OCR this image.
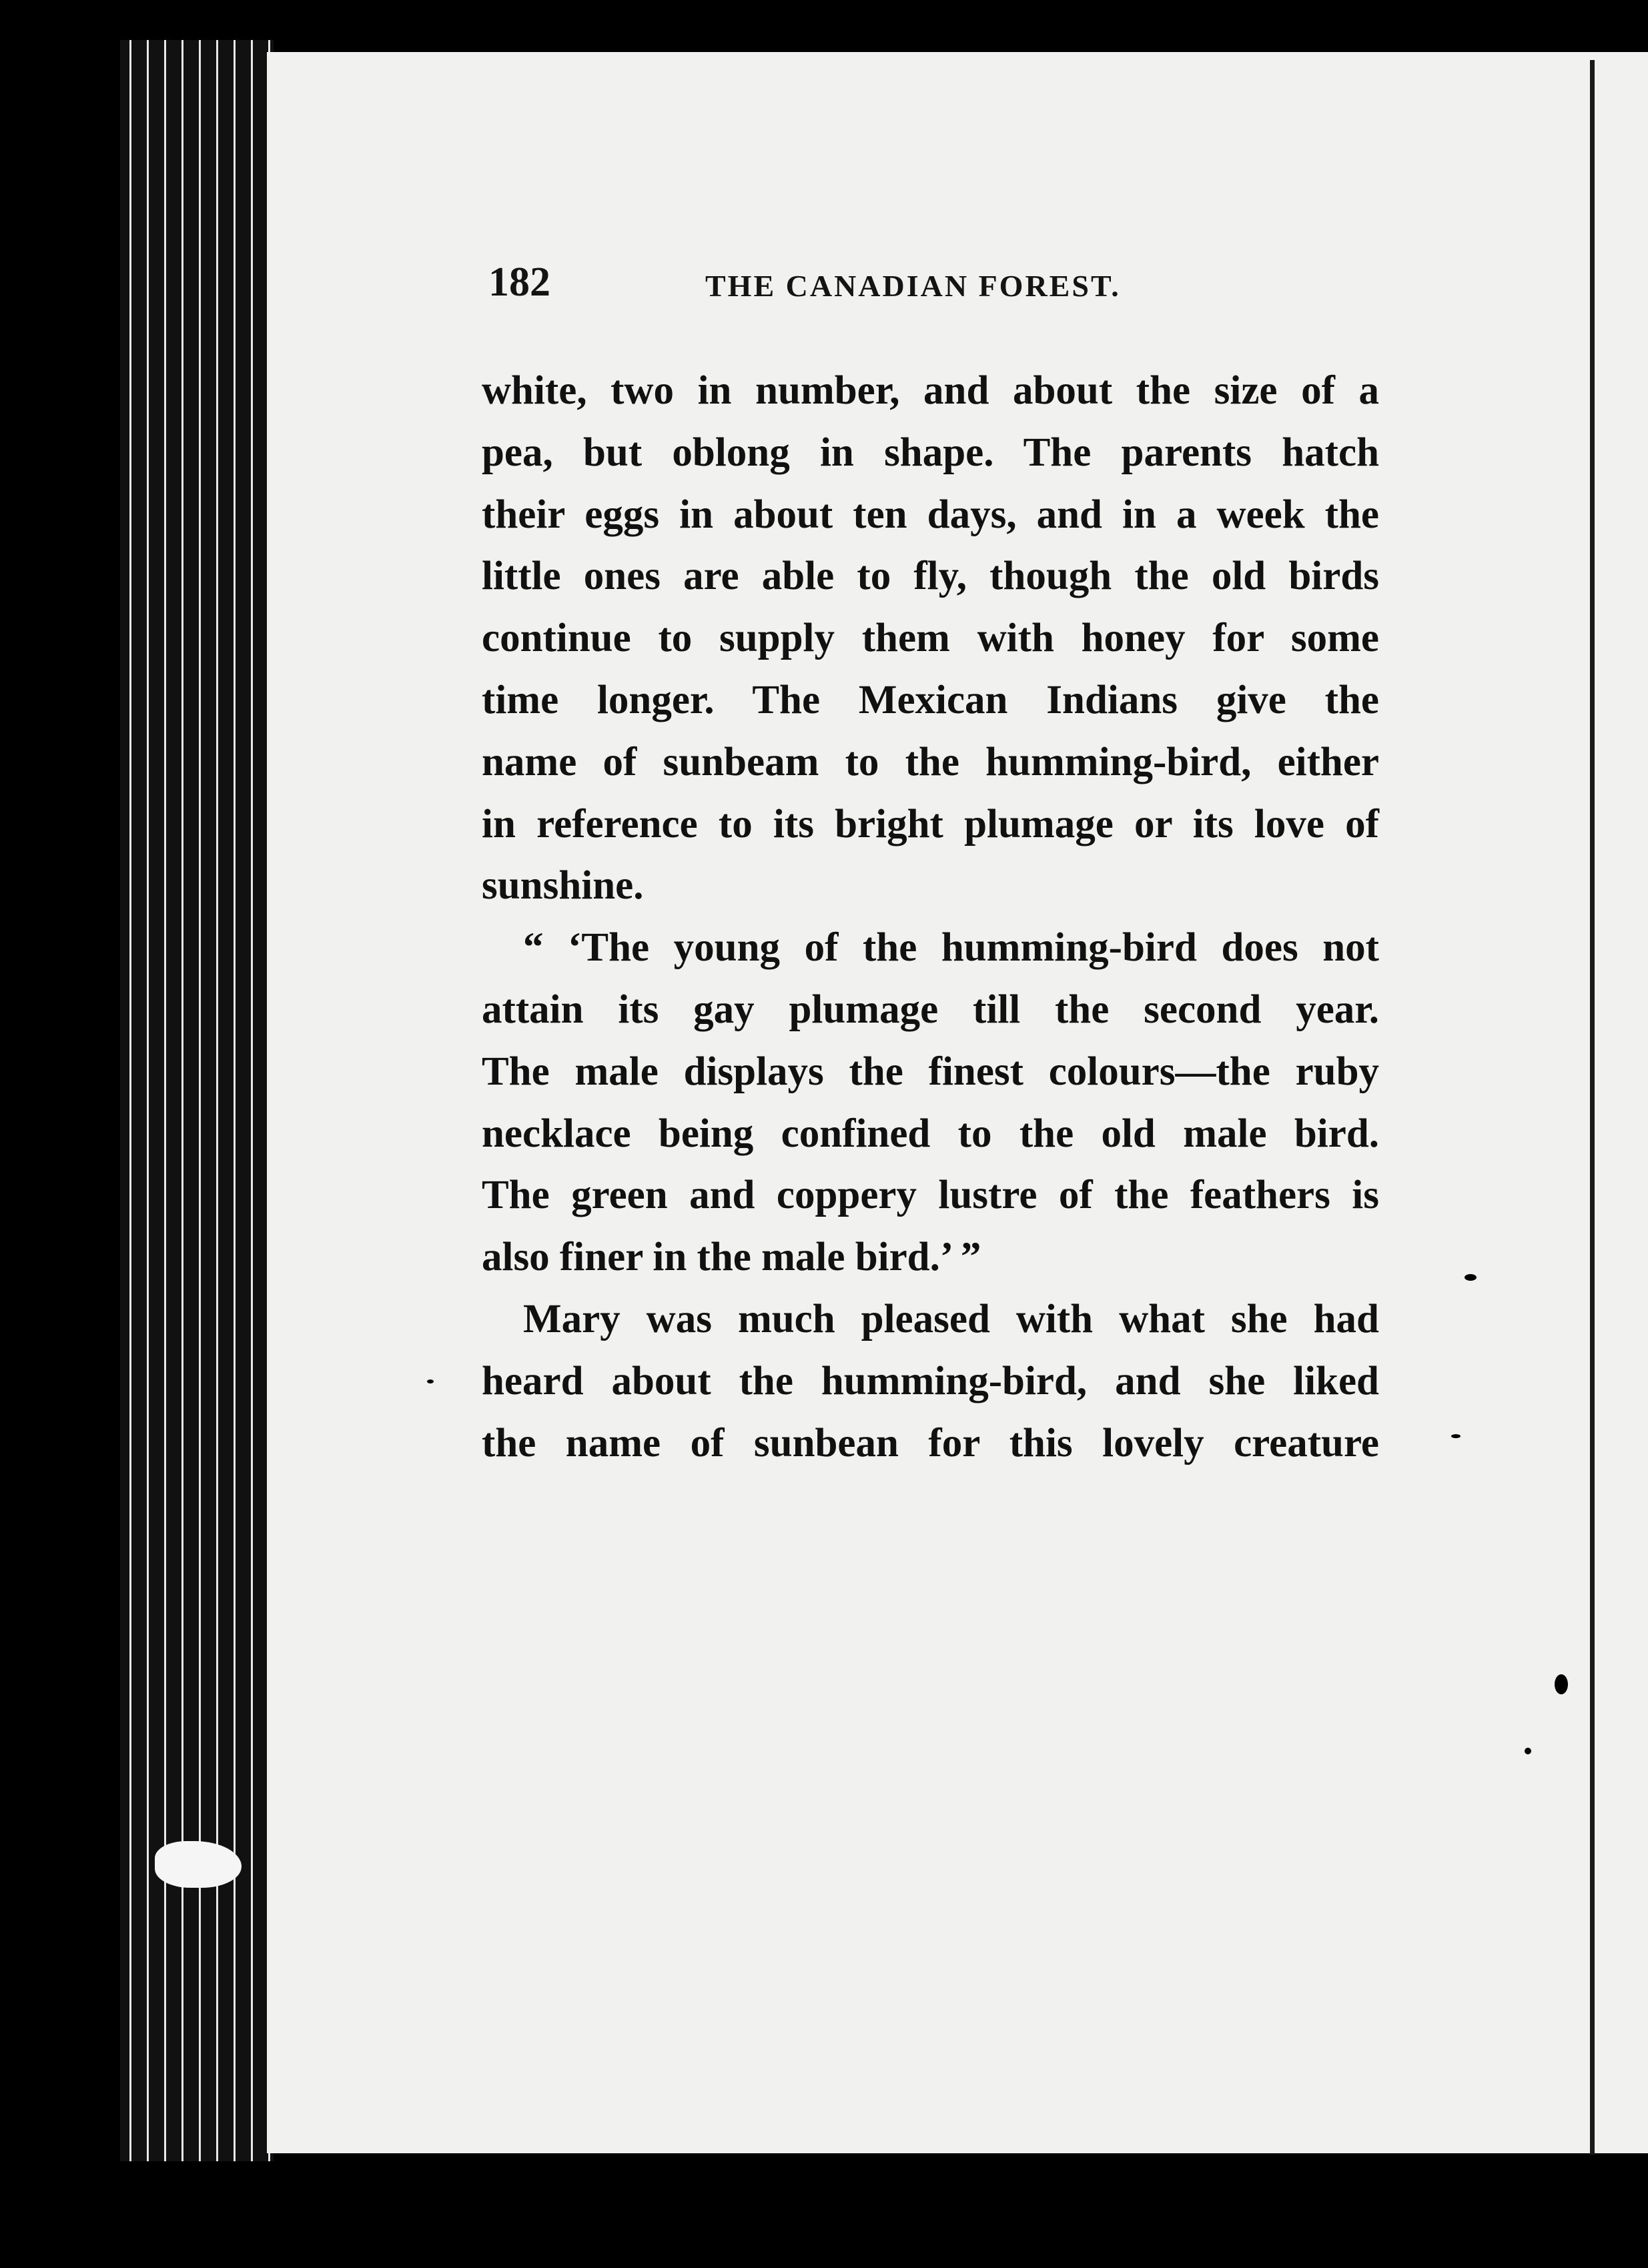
182	THE CANADIAN FOREST.
white, two in number, and about the size of a
pea, but oblong in shape. The parents hatch
their eggs in about ten days, and in a week the
little ones are able to fly, though the old birds
continue to supply them with honey for some
time longer. The Mexican Indians give the
name of sunbeam to the humming-bird, either
in reference to its bright plumage or its love of
sunshine.
“ ‘The young of the humming-bird does not
attain its gay plumage till the second year.
The male displays the finest colours—the ruby
necklace being confined to the old male bird.
The green and coppery lustre of the feathers is
also finer in the male bird.’ ”
Mary was much pleased with what she had
heard about the humming-bird, and she liked
the name of sunbean for this lovely creature
